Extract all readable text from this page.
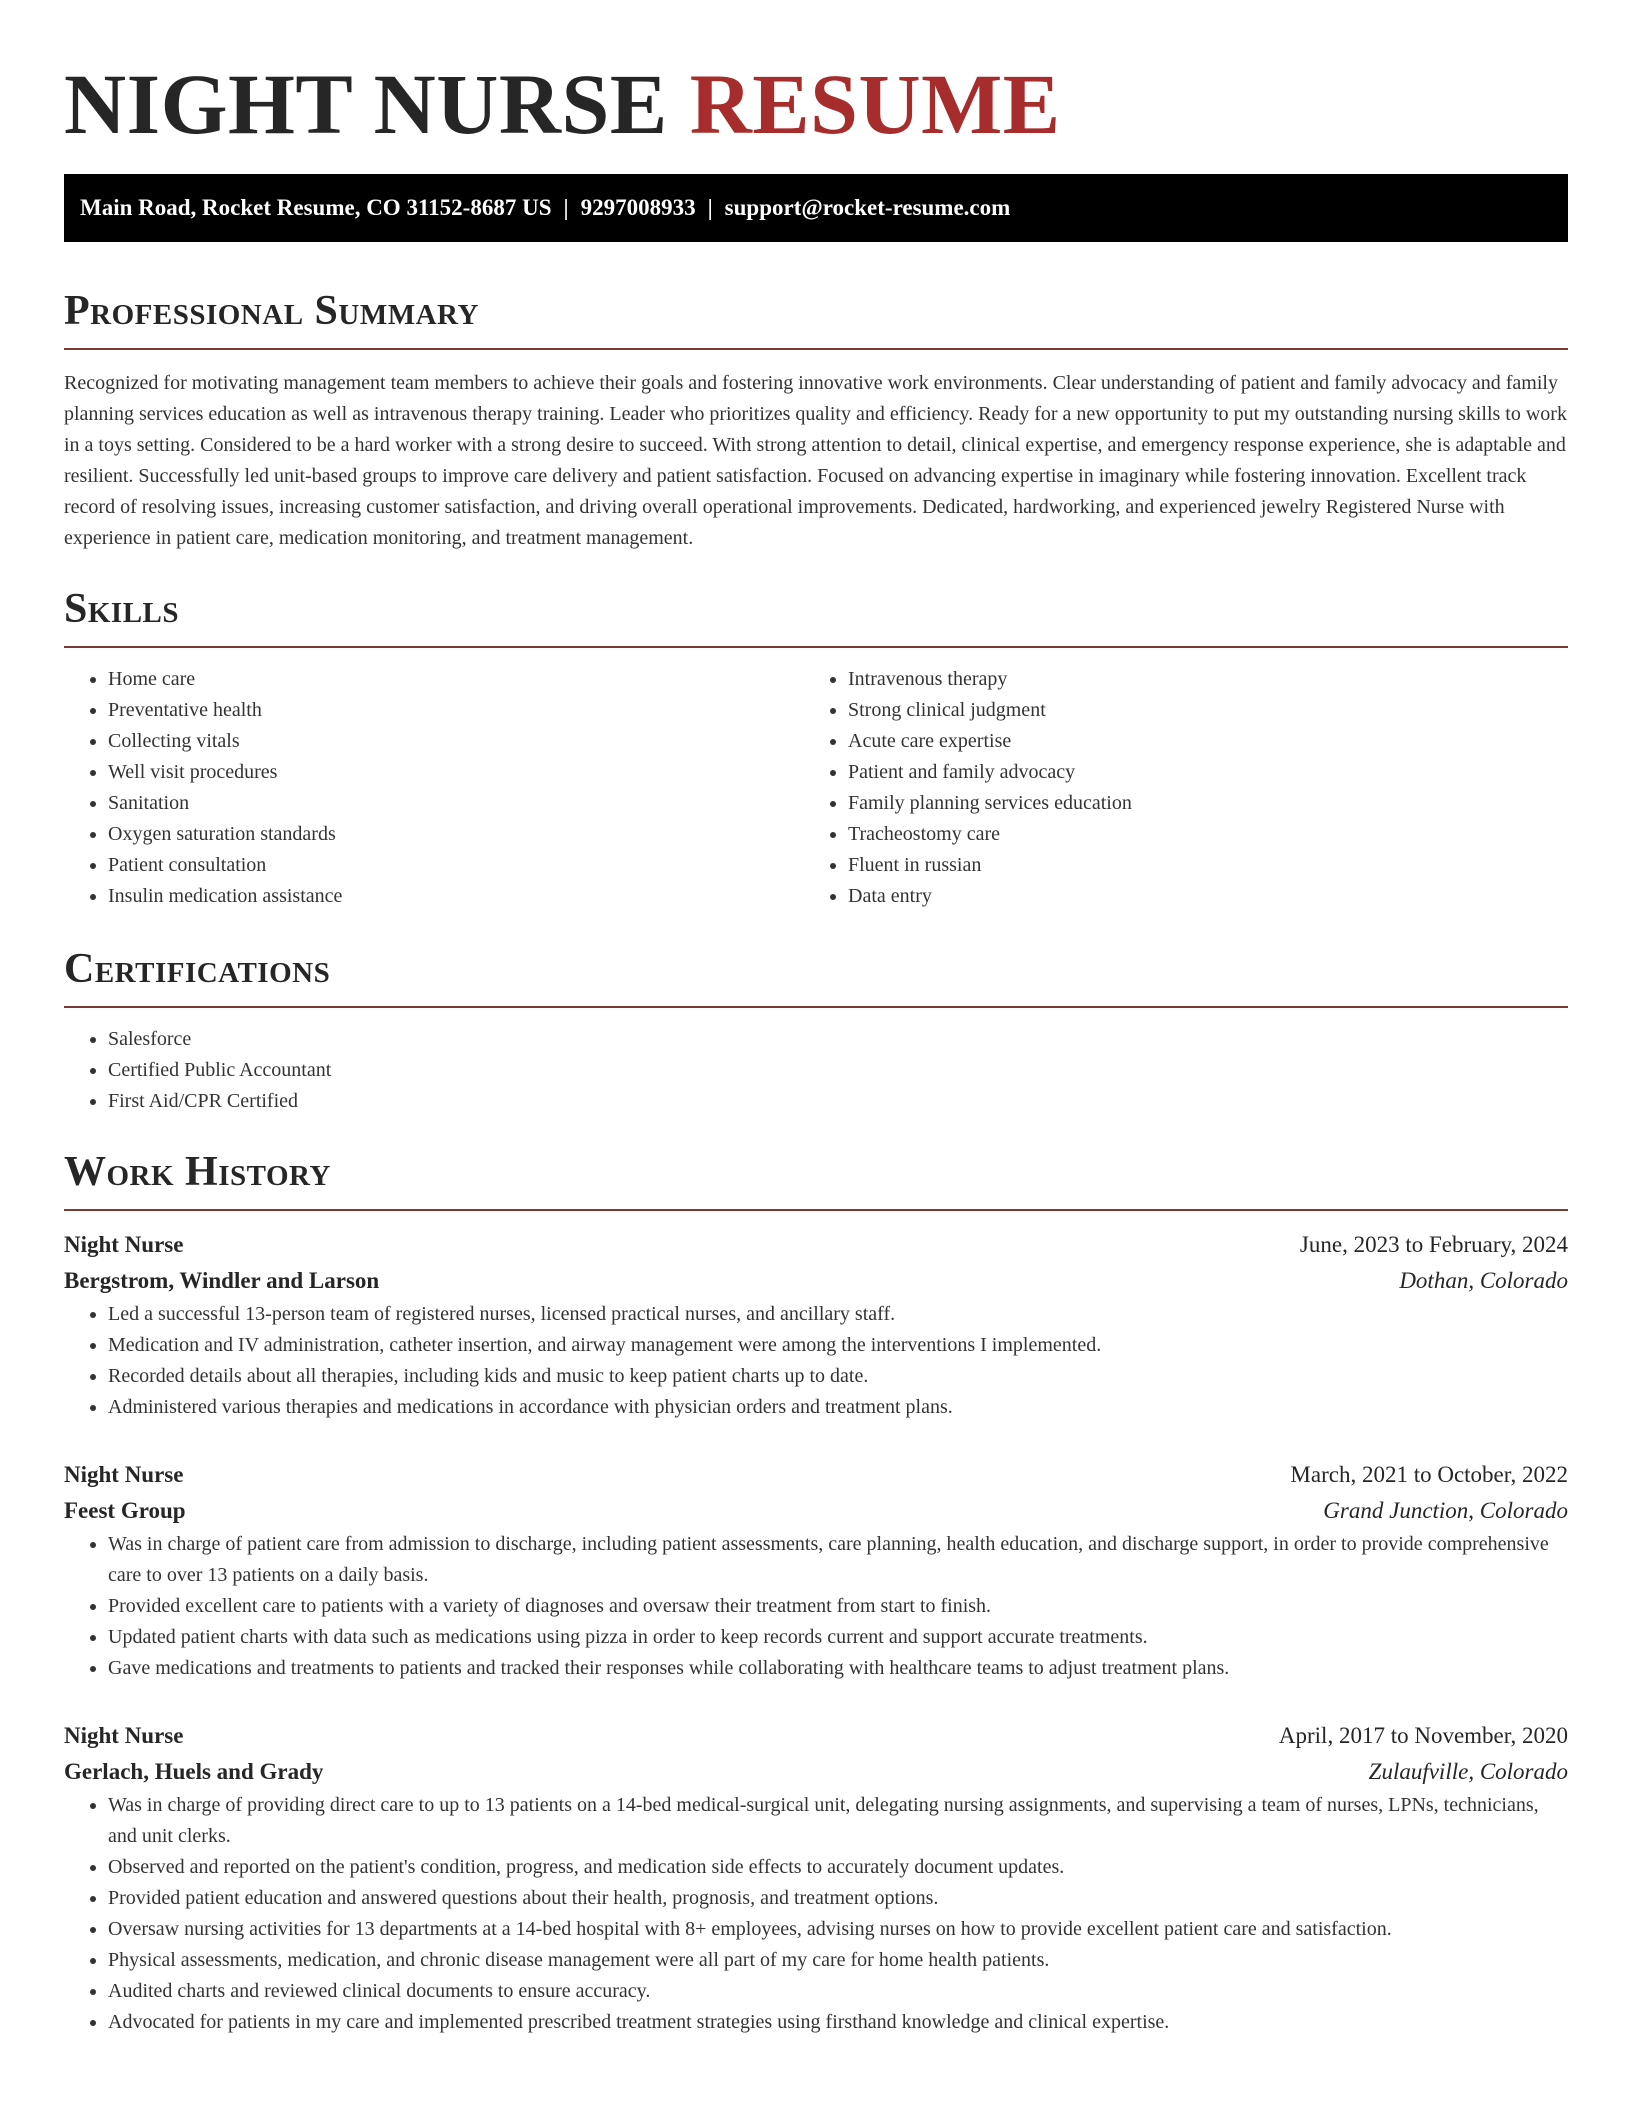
NIGHT NURSE RESUME
Main Road, Rocket Resume, CO 31152-8687 US | 9297008933 | support@rocket-resume.com
Professional Summary

Recognized for motivating management team members to achieve their goals and fostering innovative work environments. Clear understanding of patient and family advocacy and family planning services education as well as intravenous therapy training. Leader who prioritizes quality and efficiency. Ready for a new opportunity to put my outstanding nursing skills to work in a toys setting. Considered to be a hard worker with a strong desire to succeed. With strong attention to detail, clinical expertise, and emergency response experience, she is adaptable and resilient. Successfully led unit-based groups to improve care delivery and patient satisfaction. Focused on advancing expertise in imaginary while fostering innovation. Excellent track record of resolving issues, increasing customer satisfaction, and driving overall operational improvements. Dedicated, hardworking, and experienced jewelry Registered Nurse with experience in patient care, medication monitoring, and treatment management.

Skills
• Home care
• Preventative health
• Collecting vitals
• Well visit procedures
• Sanitation
• Oxygen saturation standards
• Patient consultation
• Insulin medication assistance
• Intravenous therapy
• Strong clinical judgment
• Acute care expertise
• Patient and family advocacy
• Family planning services education
• Tracheostomy care
• Fluent in russian
• Data entry
Certifications
• Salesforce
• Certified Public Accountant
• First Aid/CPR Certified
Work History
Night Nurse	June, 2023 to February, 2024
Bergstrom, Windler and Larson	Dothan, Colorado
• Led a successful 13-person team of registered nurses, licensed practical nurses, and ancillary staff.
• Medication and IV administration, catheter insertion, and airway management were among the interventions I implemented.
• Recorded details about all therapies, including kids and music to keep patient charts up to date.
• Administered various therapies and medications in accordance with physician orders and treatment plans.
Night Nurse	March, 2021 to October, 2022
Feest Group	Grand Junction, Colorado
• Was in charge of patient care from admission to discharge, including patient assessments, care planning, health education, and discharge support, in order to provide comprehensive care to over 13 patients on a daily basis.
• Provided excellent care to patients with a variety of diagnoses and oversaw their treatment from start to finish.
• Updated patient charts with data such as medications using pizza in order to keep records current and support accurate treatments.
• Gave medications and treatments to patients and tracked their responses while collaborating with healthcare teams to adjust treatment plans.
Night Nurse	April, 2017 to November, 2020
Gerlach, Huels and Grady	Zulaufville, Colorado
• Was in charge of providing direct care to up to 13 patients on a 14-bed medical-surgical unit, delegating nursing assignments, and supervising a team of nurses, LPNs, technicians, and unit clerks.
• Observed and reported on the patient's condition, progress, and medication side effects to accurately document updates.
• Provided patient education and answered questions about their health, prognosis, and treatment options.
• Oversaw nursing activities for 13 departments at a 14-bed hospital with 8+ employees, advising nurses on how to provide excellent patient care and satisfaction.
• Physical assessments, medication, and chronic disease management were all part of my care for home health patients.
• Audited charts and reviewed clinical documents to ensure accuracy.
• Advocated for patients in my care and implemented prescribed treatment strategies using firsthand knowledge and clinical expertise.
